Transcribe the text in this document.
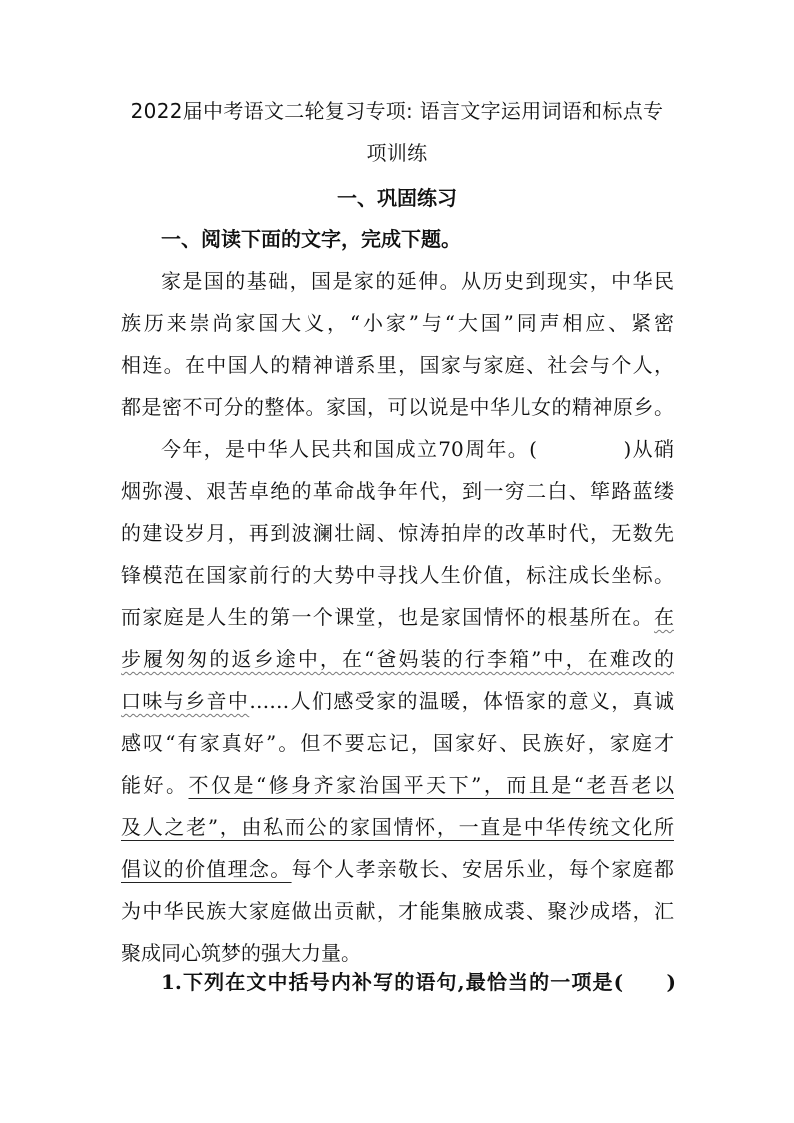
2022届中考语文二轮复习专项: 语言文字运用词语和标点专
项训练
一、巩固练习
一、阅读下面的文字，完成下题。
家是国的基础，国是家的延伸。从历史到现实，中华民
族历来崇尚家国大义，“小家”与“大国”同声相应、紧密
相连。在中国人的精神谱系里，国家与家庭、社会与个人，
都是密不可分的整体。家国，可以说是中华儿女的精神原乡。
今年，是中华人民共和国成立70周年。(　　　　)从硝
烟弥漫、艰苦卓绝的革命战争年代，到一穷二白、筚路蓝缕
的建设岁月，再到波澜壮阔、惊涛拍岸的改革时代，无数先
锋模范在国家前行的大势中寻找人生价值，标注成长坐标。
而家庭是人生的第一个课堂，也是家国情怀的根基所在。在
步履匆匆的返乡途中，在“爸妈装的行李箱”中，在难改的
口味与乡音中……人们感受家的温暖，体悟家的意义，真诚
感叹“有家真好”。但不要忘记，国家好、民族好，家庭才
能好。不仅是“修身齐家治国平天下”，而且是“老吾老以
及人之老”，由私而公的家国情怀，一直是中华传统文化所
倡议的价值理念。每个人孝亲敬长、安居乐业，每个家庭都
为中华民族大家庭做出贡献，才能集腋成裘、聚沙成塔，汇
聚成同心筑梦的强大力量。
1.下列在文中括号内补写的语句,最恰当的一项是(　　)
